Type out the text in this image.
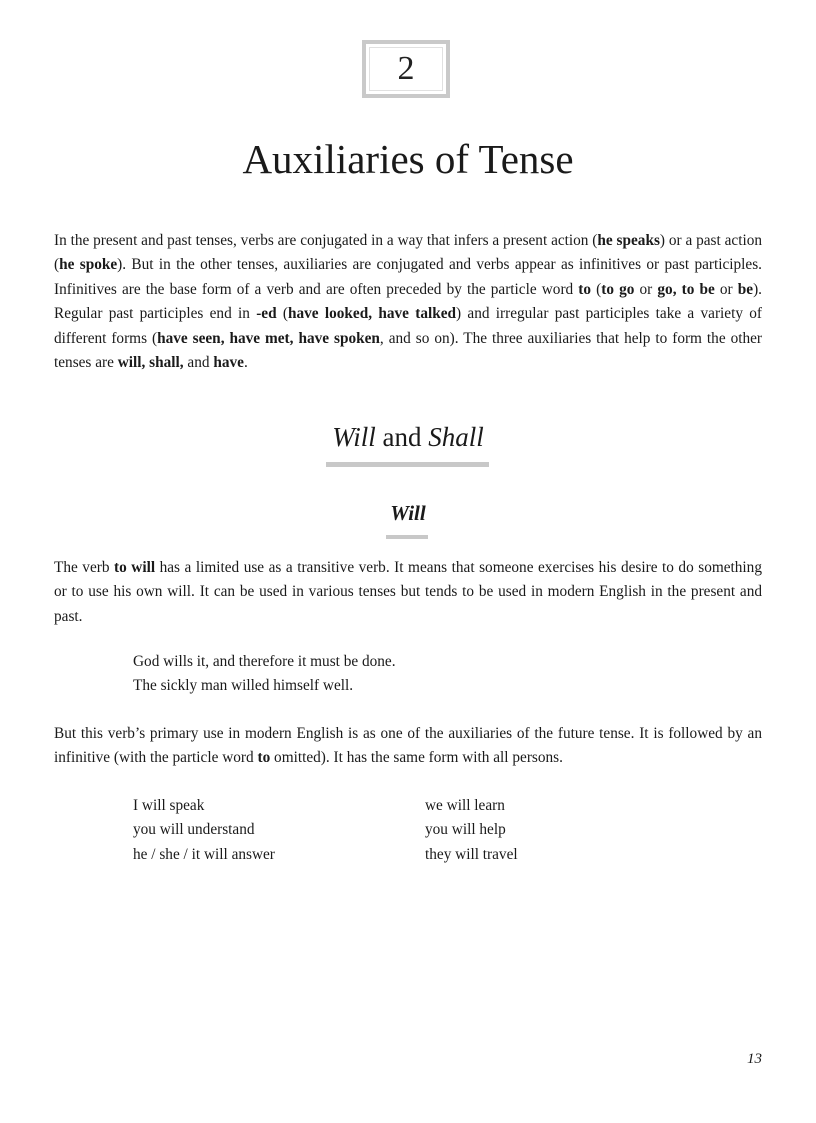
2
Auxiliaries of Tense

In the present and past tenses, verbs are conjugated in a way that infers a present action (he speaks) or a past action (he spoke). But in the other tenses, auxiliaries are conjugated and verbs appear as infinitives or past participles. Infinitives are the base form of a verb and are often preceded by the particle word to (to go or go, to be or be). Regular past participles end in -ed (have looked, have talked) and irregular past participles take a variety of different forms (have seen, have met, have spoken, and so on). The three auxiliaries that help to form the other tenses are will, shall, and have.

Will and Shall
Will

The verb to will has a limited use as a transitive verb. It means that someone exercises his desire to do something or to use his own will. It can be used in various tenses but tends to be used in modern English in the present and past.

God wills it, and therefore it must be done.
The sickly man willed himself well.

But this verb’s primary use in modern English is as one of the auxiliaries of the future tense. It is followed by an infinitive (with the particle word to omitted). It has the same form with all persons.

I will speak
you will understand
he / she / it will answer
we will learn
you will help
they will travel
13
